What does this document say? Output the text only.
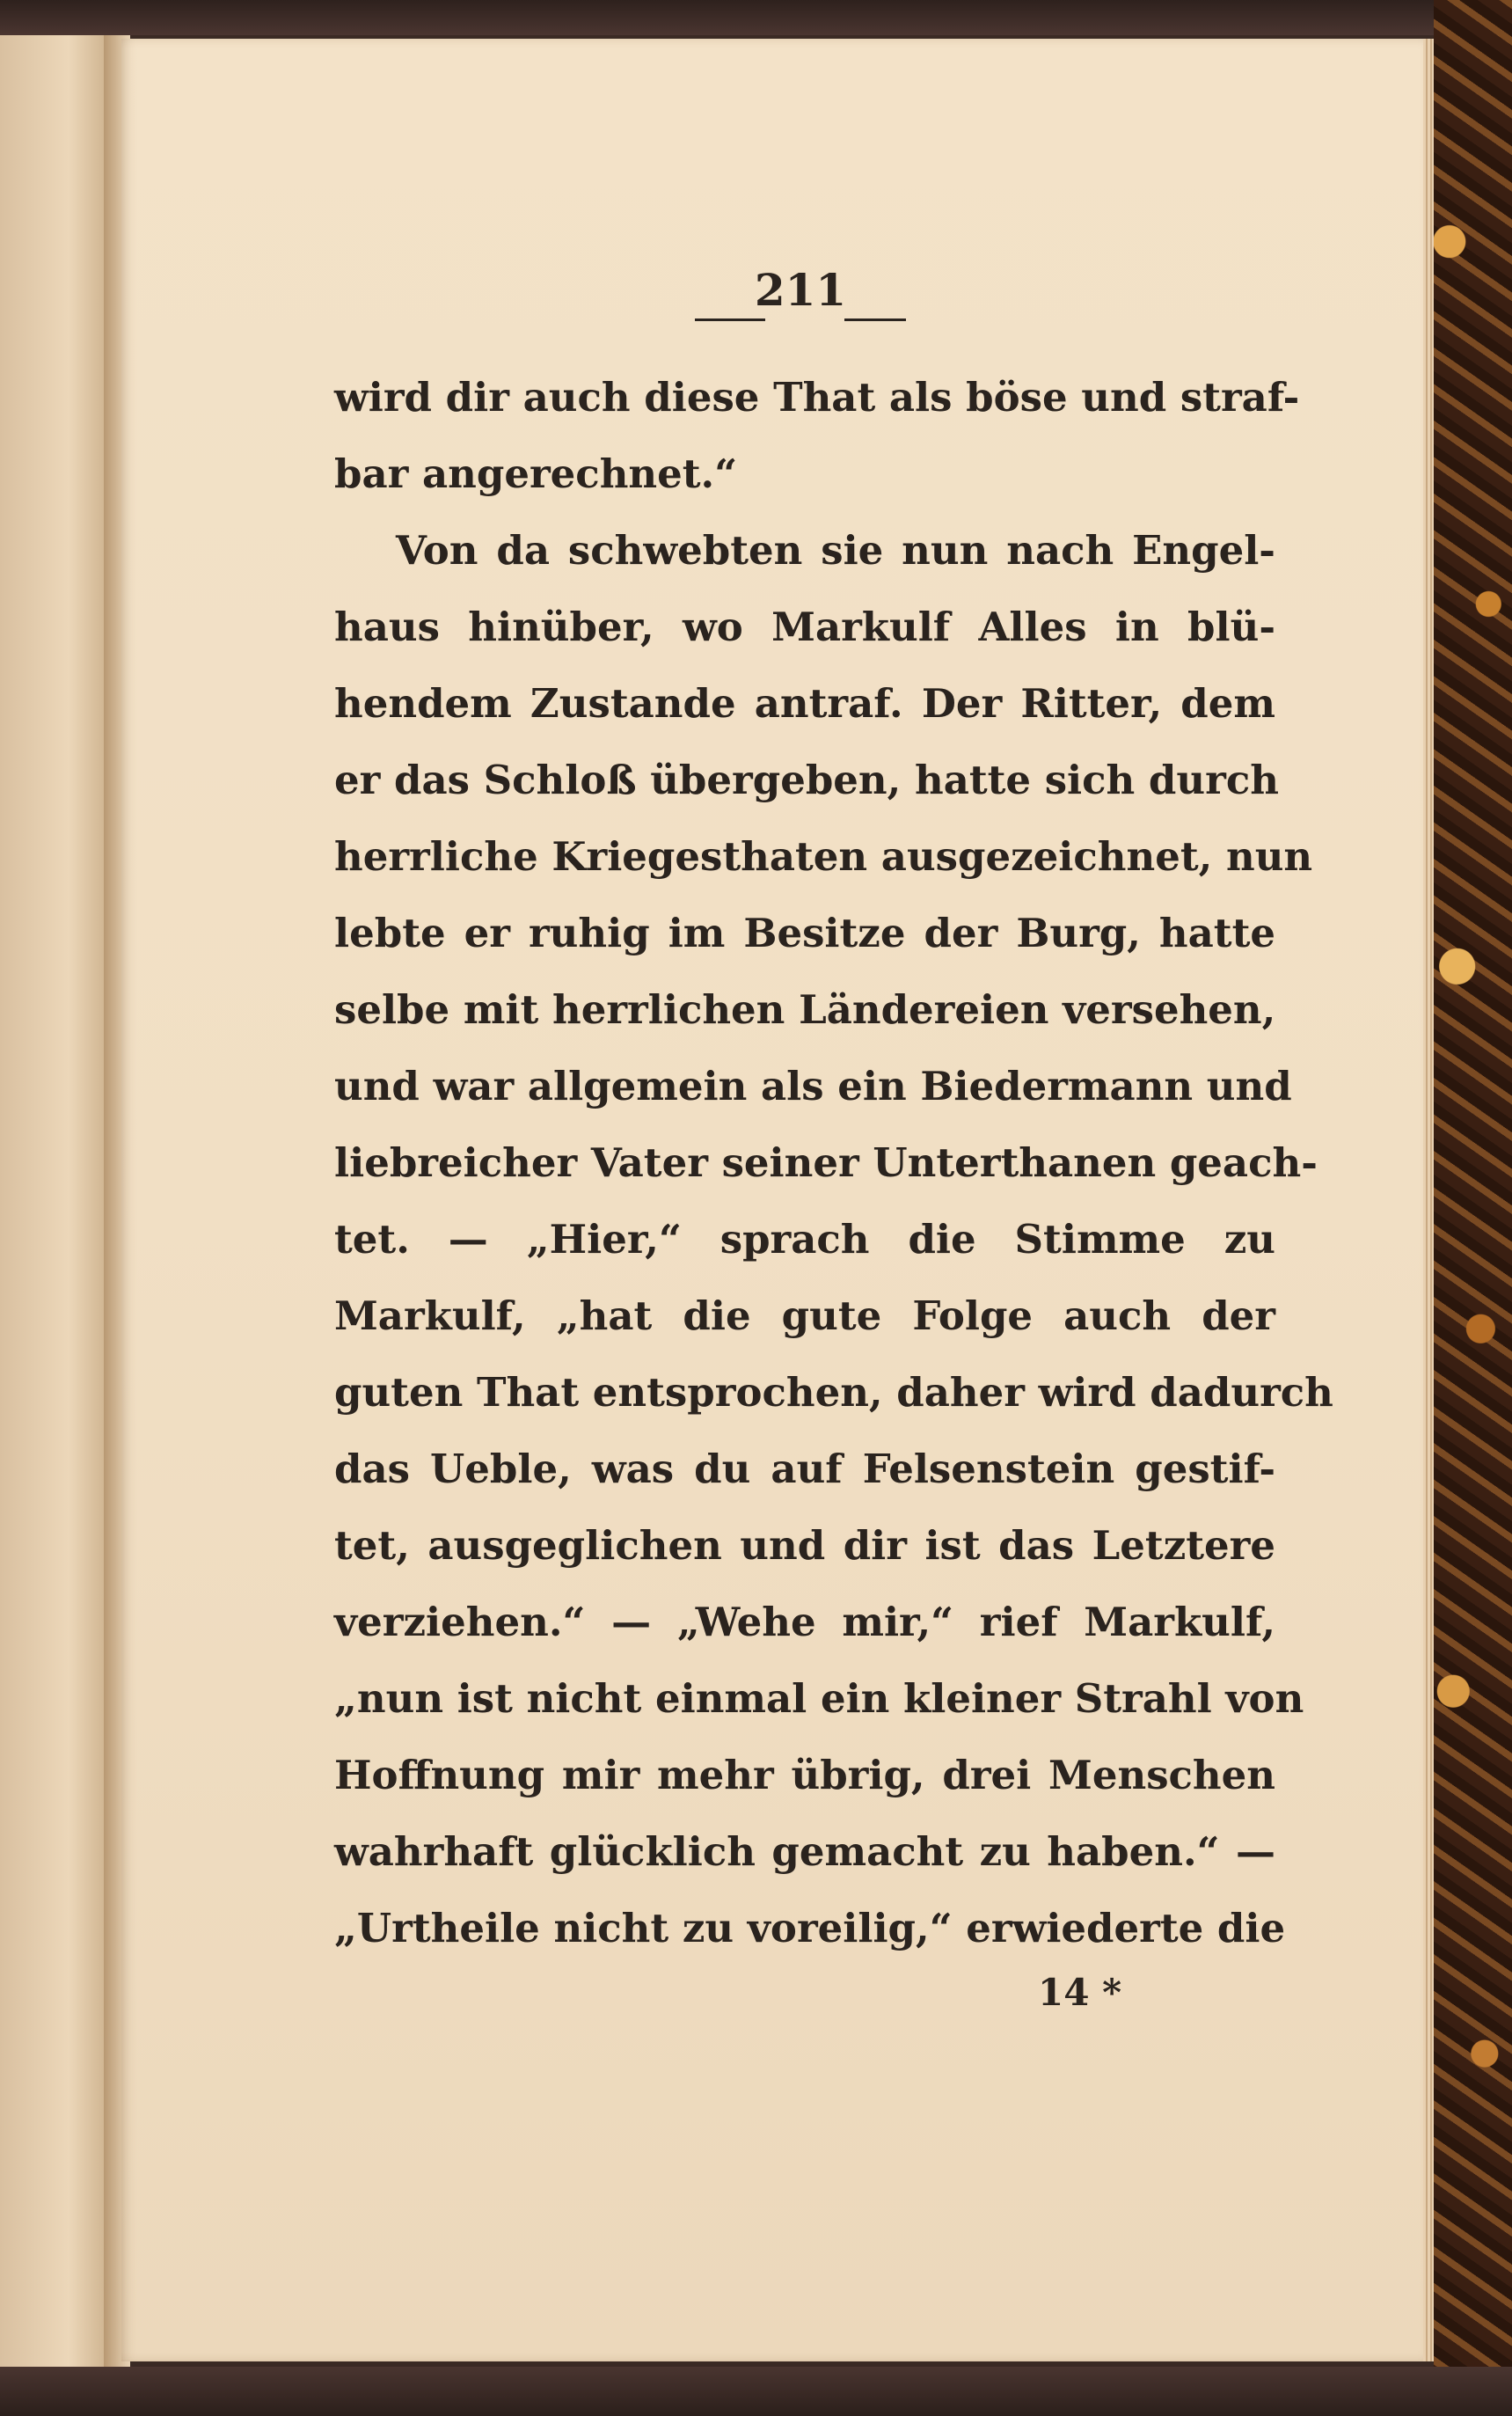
211
wird dir auch diese That als böse und straf-
bar angerechnet.“
Von da schwebten sie nun nach Engel-
haus hinüber, wo Markulf Alles in blü-
hendem Zustande antraf. Der Ritter, dem
er das Schloß übergeben, hatte sich durch
herrliche Kriegesthaten ausgezeichnet, nun
lebte er ruhig im Besitze der Burg, hatte
selbe mit herrlichen Ländereien versehen,
und war allgemein als ein Biedermann und
liebreicher Vater seiner Unterthanen geach-
tet. — „Hier,“ sprach die Stimme zu
Markulf, „hat die gute Folge auch der
guten That entsprochen, daher wird dadurch
das Ueble, was du auf Felsenstein gestif-
tet, ausgeglichen und dir ist das Letztere
verziehen.“ — „Wehe mir,“ rief Markulf,
„nun ist nicht einmal ein kleiner Strahl von
Hoffnung mir mehr übrig, drei Menschen
wahrhaft glücklich gemacht zu haben.“ —
„Urtheile nicht zu voreilig,“ erwiederte die
14 *
